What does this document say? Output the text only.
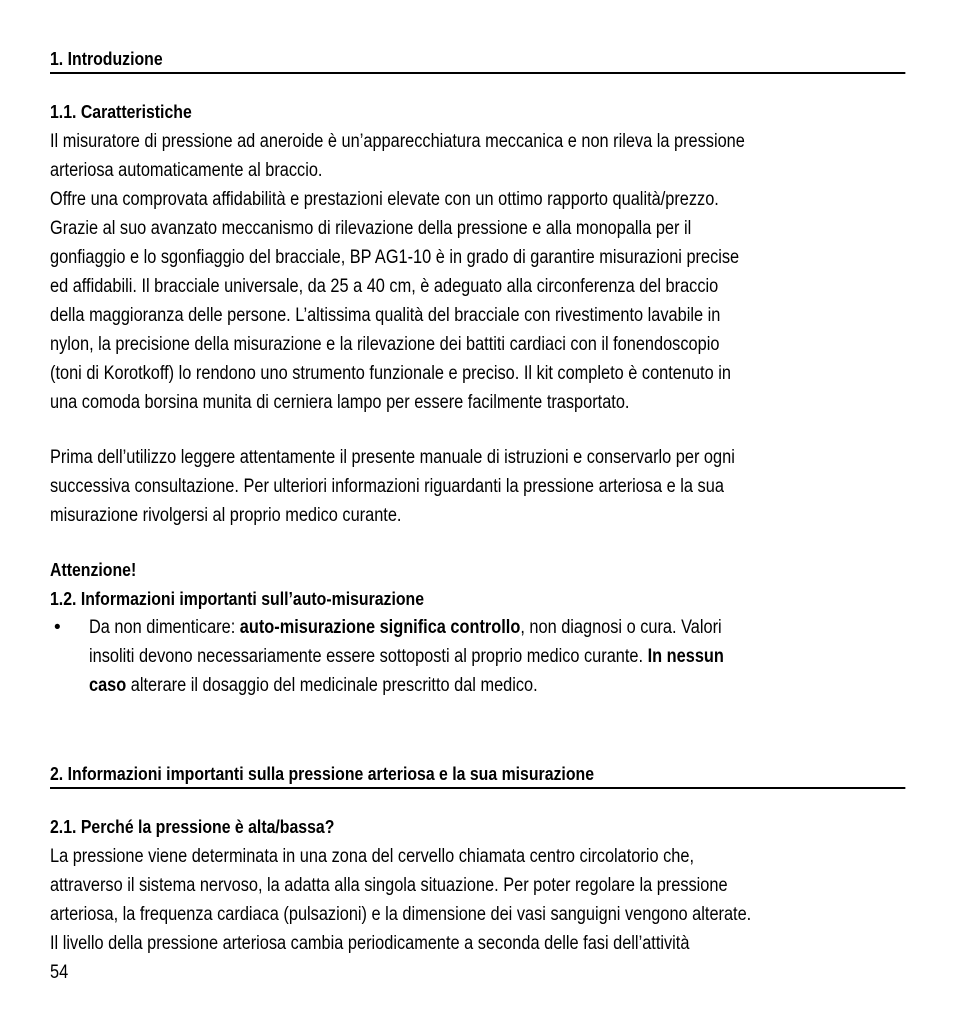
1. Introduzione
1.1. Caratteristiche
Il misuratore di pressione ad aneroide è un’apparecchiatura meccanica e non rileva la pressione
arteriosa automaticamente al braccio.
Offre una comprovata affidabilità e prestazioni elevate con un ottimo rapporto qualità/prezzo.
Grazie al suo avanzato meccanismo di rilevazione della pressione e alla monopalla per il
gonfiaggio e lo sgonfiaggio del bracciale, BP AG1-10 è in grado di garantire misurazioni precise
ed affidabili. Il bracciale universale, da 25 a 40 cm, è adeguato alla circonferenza del braccio
della maggioranza delle persone. L’altissima qualità del bracciale con rivestimento lavabile in
nylon, la precisione della misurazione e la rilevazione dei battiti cardiaci con il fonendoscopio
(toni di Korotkoff) lo rendono uno strumento funzionale e preciso. Il kit completo è contenuto in
una comoda borsina munita di cerniera lampo per essere facilmente trasportato.
Prima dell’utilizzo leggere attentamente il presente manuale di istruzioni e conservarlo per ogni
successiva consultazione. Per ulteriori informazioni riguardanti la pressione arteriosa e la sua
misurazione rivolgersi al proprio medico curante.
Attenzione!
1.2. Informazioni importanti sull’auto-misurazione
• Da non dimenticare: auto-misurazione significa controllo, non diagnosi o cura. Valori
insoliti devono necessariamente essere sottoposti al proprio medico curante. In nessun
caso alterare il dosaggio del medicinale prescritto dal medico.
2. Informazioni importanti sulla pressione arteriosa e la sua misurazione
2.1. Perché la pressione è alta/bassa?
La pressione viene determinata in una zona del cervello chiamata centro circolatorio che,
attraverso il sistema nervoso, la adatta alla singola situazione. Per poter regolare la pressione
arteriosa, la frequenza cardiaca (pulsazioni) e la dimensione dei vasi sanguigni vengono alterate.
Il livello della pressione arteriosa cambia periodicamente a seconda delle fasi dell’attività
54
